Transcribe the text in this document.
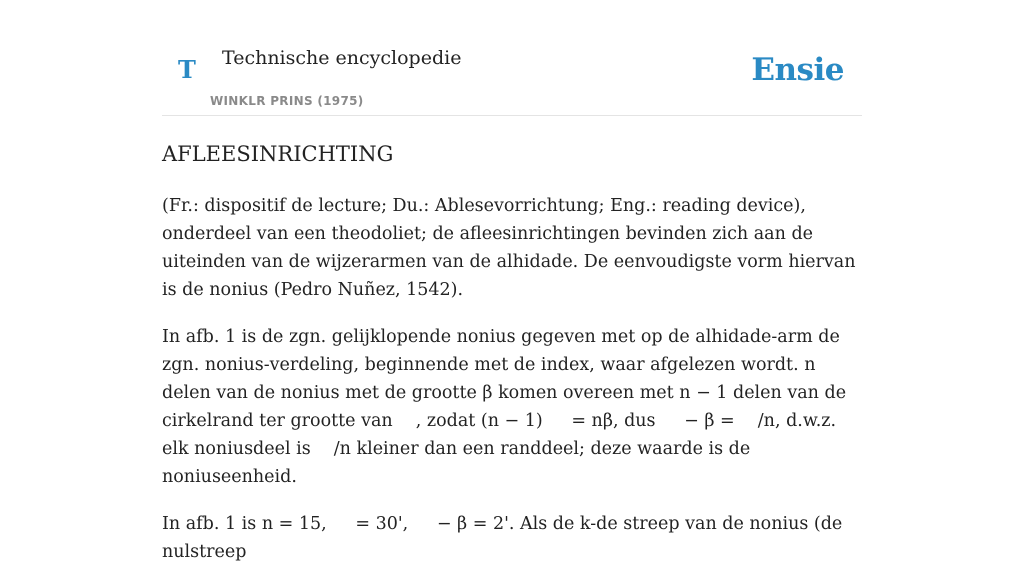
T Technische encyclopedie
WINKLR PRINS (1975)
Ensie
AFLEESINRICHTING

(Fr.: dispositif de lecture; Du.: Ablesevorrichtung; Eng.: reading device), onderdeel van een theodoliet; de afleesinrichtingen bevinden zich aan de uiteinden van de wijzerarmen van de alhidade. De eenvoudigste vorm hiervan is de nonius (Pedro Nuñez, 1542).

In afb. 1 is de zgn. gelijklopende nonius gegeven met op de alhidade-arm de zgn. nonius-verdeling, beginnende met de index, waar afgelezen wordt. n delen van de nonius met de grootte β komen overeen met n − 1 delen van de cirkelrand ter grootte van  , zodat (n − 1)   = nβ, dus   − β =  /n, d.w.z. elk noniusdeel is  /n kleiner dan een randdeel; deze waarde is de noniuseenheid.

In afb. 1 is n = 15,   = 30',   − β = 2'. Als de k-de streep van de nonius (de nulstreep
